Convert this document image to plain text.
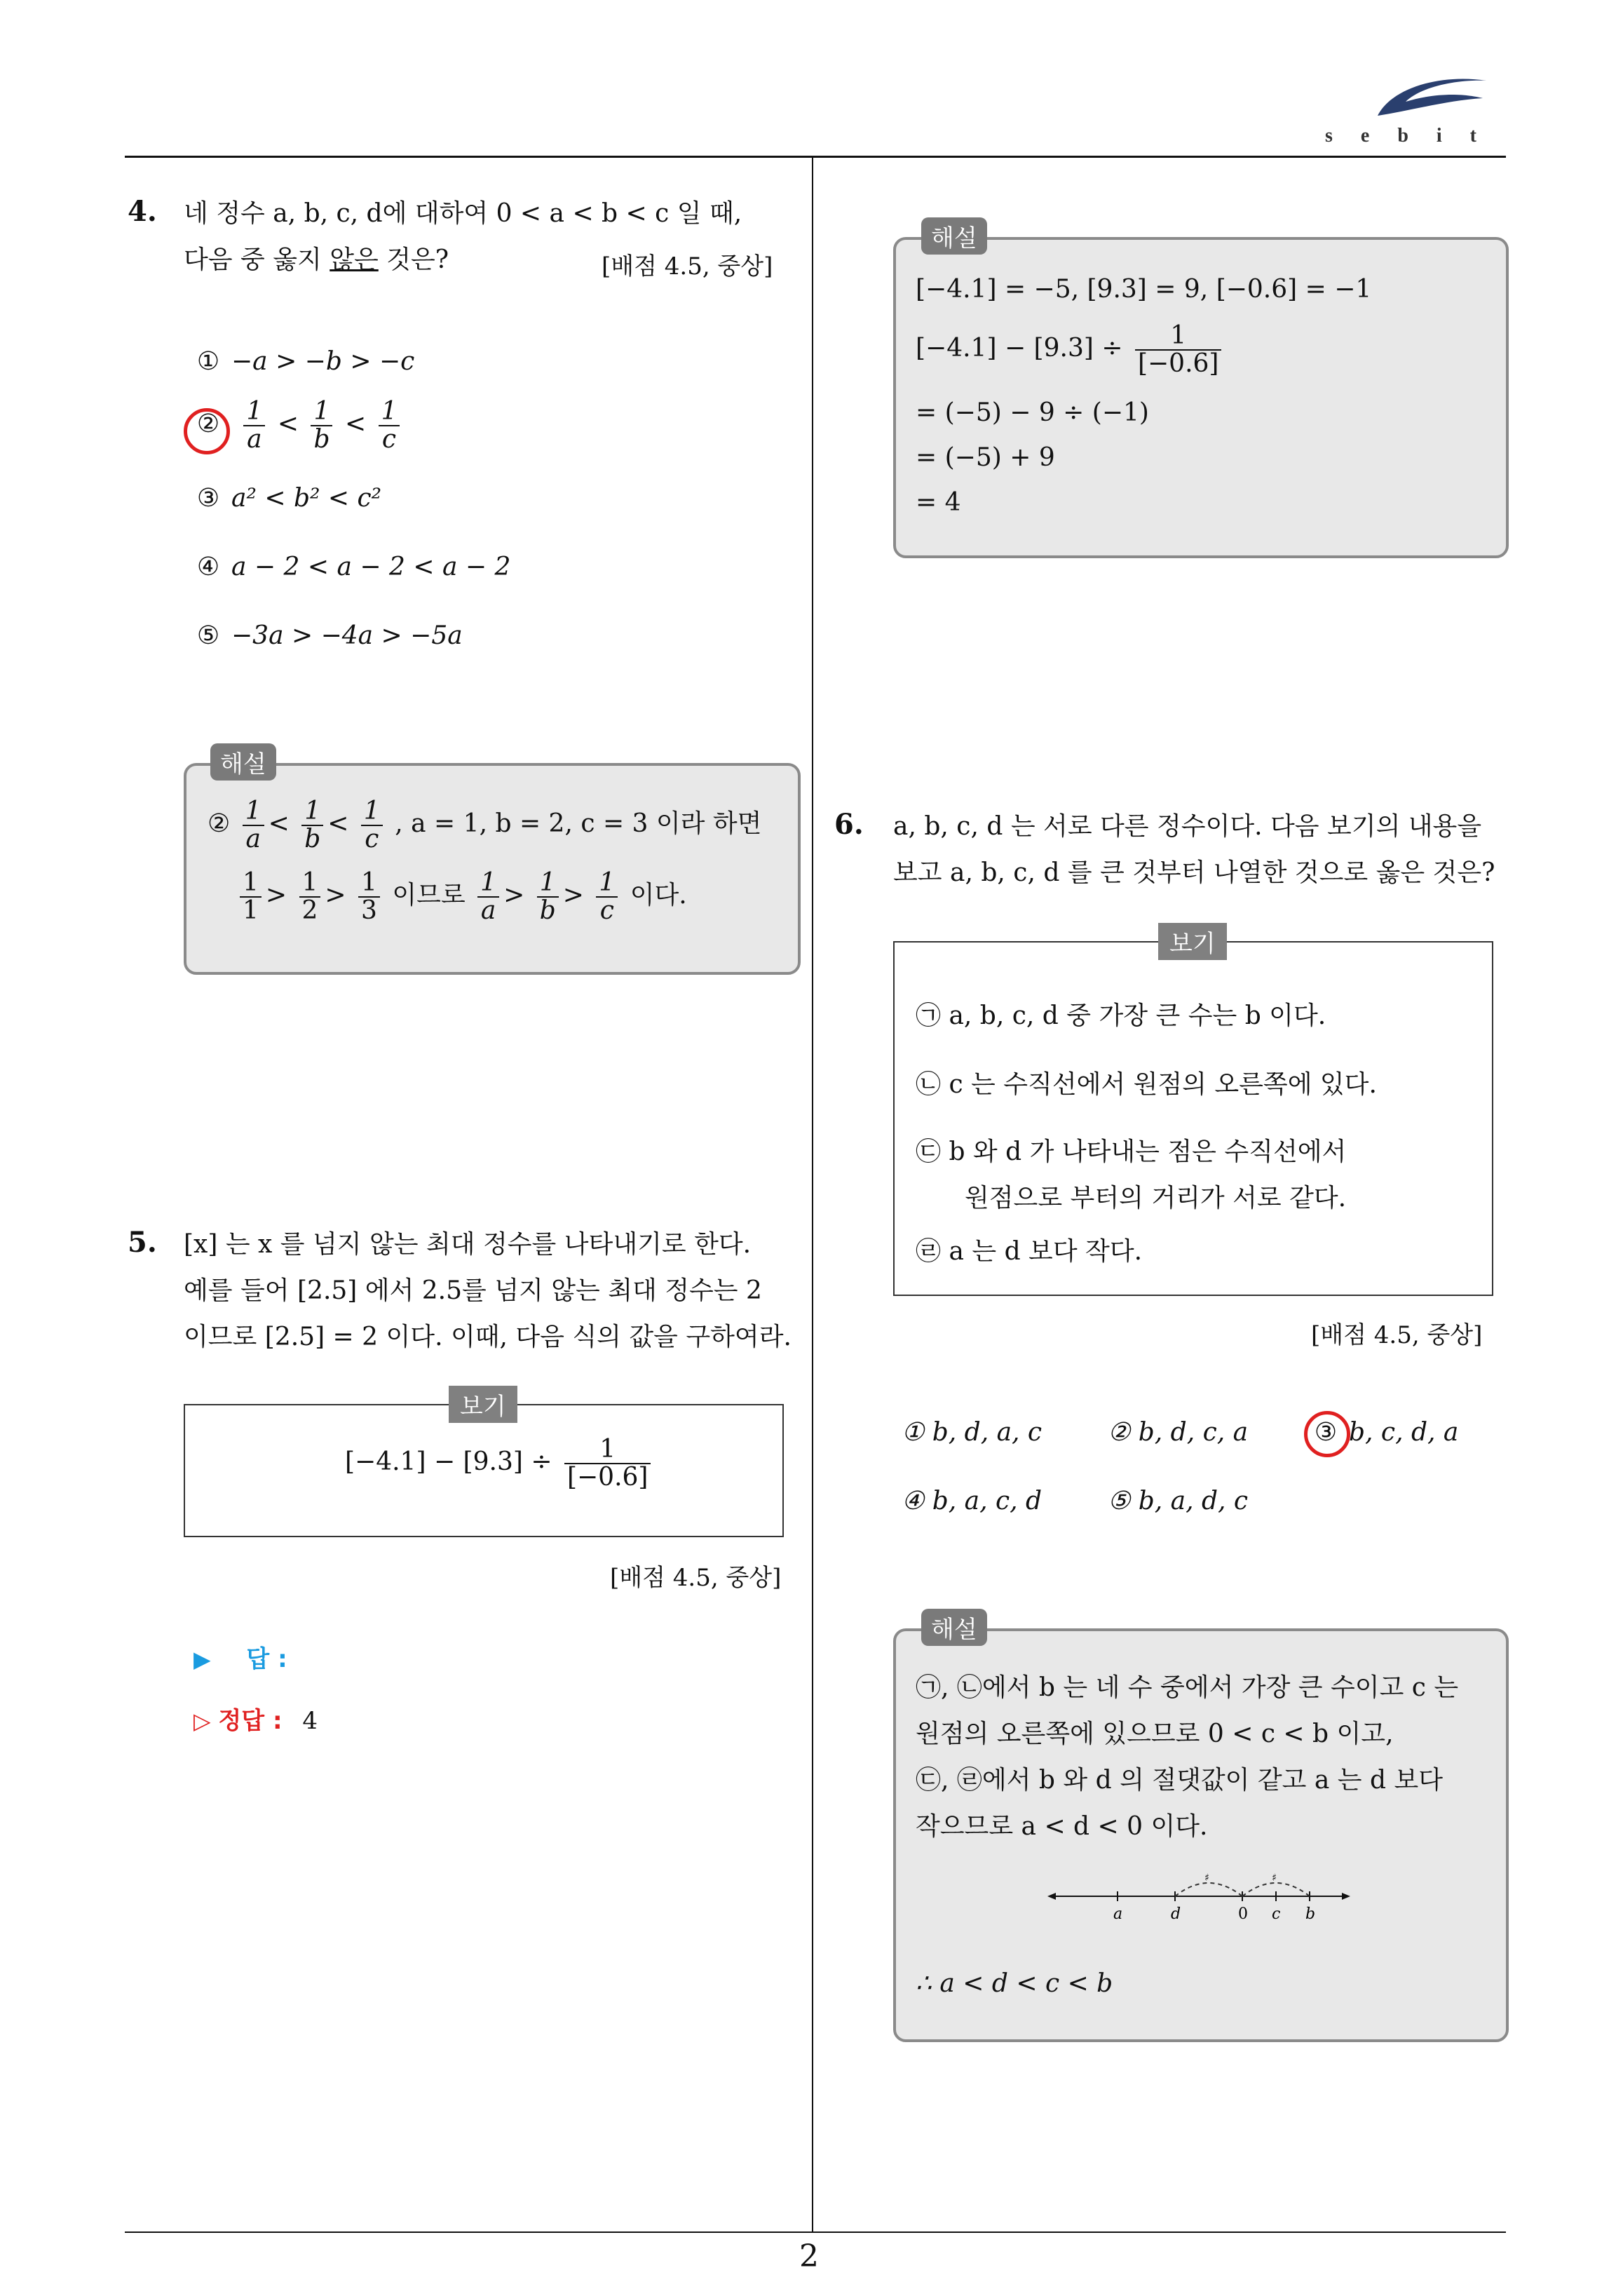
sebit
2
4. 네 정수 a, b, c, d에 대하여 0 < a < b < c 일 때,
다음 중 옳지 않은 것은?	[배점 4.5, 중상]
① −a > −b > −c
② $\frac{1}{a} < \frac{1}{b} < \frac{1}{c}$
③ a² < b² < c²
④ a − 2 < a − 2 < a − 2
⑤ −3a > −4a > −5a
해설
② $\frac{1}{a} < \frac{1}{b} < \frac{1}{c}$ , a = 1, b = 2, c = 3 이라 하면
$\frac{1}{1} > \frac{1}{2} > \frac{1}{3}$ 이므로 $\frac{1}{a} > \frac{1}{b} > \frac{1}{c}$ 이다.
5. [x] 는 x 를 넘지 않는 최대 정수를 나타내기로 한다.
예를 들어 [2.5] 에서 2.5를 넘지 않는 최대 정수는 2
이므로 [2.5] = 2 이다. 이때, 다음 식의 값을 구하여라.
보기
$[-4.1] - [9.3] \div \frac{1}{[-0.6]}$
[배점 4.5, 중상]
▶ 답 :
▷ 정답 : 4
해설
[−4.1] = −5, [9.3] = 9, [−0.6] = −1
$[-4.1] - [9.3] \div \frac{1}{[-0.6]}$
= (−5) − 9 ÷ (−1)
= (−5) + 9
= 4
6. a, b, c, d 는 서로 다른 정수이다. 다음 보기의 내용을
보고 a, b, c, d 를 큰 것부터 나열한 것으로 옳은 것은?
보기
㉠ a, b, c, d 중 가장 큰 수는 b 이다.
㉡ c 는 수직선에서 원점의 오른쪽에 있다.
㉢ b 와 d 가 나타내는 점은 수직선에서
원점으로 부터의 거리가 서로 같다.
㉣ a 는 d 보다 작다.
[배점 4.5, 중상]
① b, d, a, c	② b, d, c, a	③ b, c, d, a
④ b, a, c, d	⑤ b, a, d, c
해설
㉠, ㉡에서 b 는 네 수 중에서 가장 큰 수이고 c 는
원점의 오른쪽에 있으므로 0 < c < b 이고,
㉢, ㉣에서 b 와 d 의 절댓값이 같고 a 는 d 보다
작으므로 a < d < 0 이다.
♯	♯
a	d	0 c b
∴ a < d < c < b
